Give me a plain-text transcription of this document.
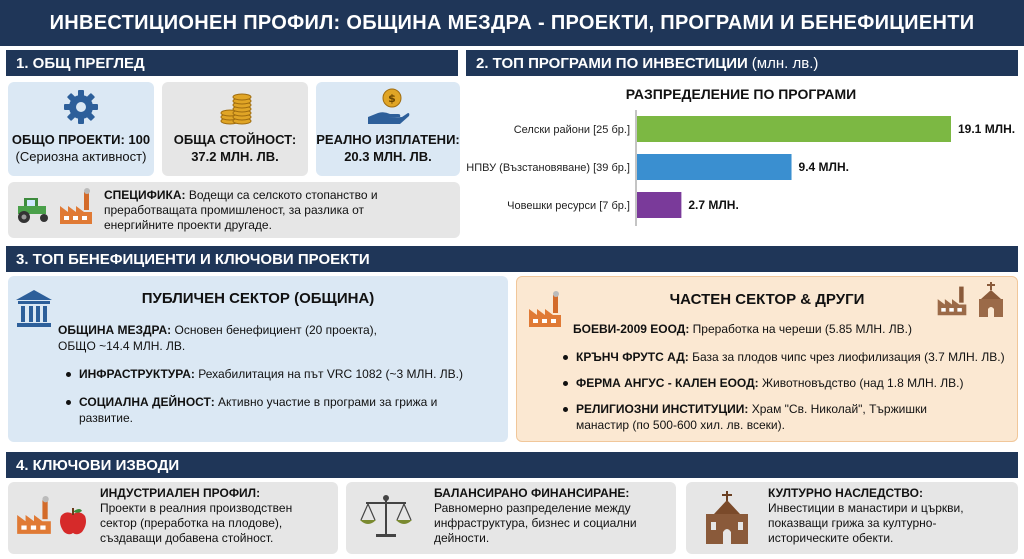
ИНВЕСТИЦИОНЕН ПРОФИЛ: ОБЩИНА МЕЗДРА - ПРОЕКТИ, ПРОГРАМИ И БЕНЕФИЦИЕНТИ
1. ОБЩ ПРЕГЛЕД
ОБЩО ПРОЕКТИ: 100
(Сериозна активност)
ОБЩА СТОЙНОСТ:
37.2 МЛН. ЛВ.
$
РЕАЛНО ИЗПЛАТЕНИ:
20.3 МЛН. ЛВ.
СПЕЦИФИКА: Водещи са селското стопанство и преработващата промишленост, за разлика от енергийните проекти другаде.
2. ТОП ПРОГРАМИ ПО ИНВЕСТИЦИИ (млн. лв.)
РАЗПРЕДЕЛЕНИЕ ПО ПРОГРАМИ
Селски райони [25 бр.]	19.1 МЛН.
НПВУ (Възстановяване) [39 бр.]	9.4 МЛН.
Човешки ресурси [7 бр.]	2.7 МЛН.
3. ТОП БЕНЕФИЦИЕНТИ И КЛЮЧОВИ ПРОЕКТИ
ПУБЛИЧЕН СЕКТОР (ОБЩИНА)
ОБЩИНА МЕЗДРА: Основен бенефициент (20 проекта),
ОБЩО ~14.4 МЛН. ЛВ.
ИНФРАСТРУКТУРА: Рехабилитация на път VRC 1082 (~3 МЛН. ЛВ.)
СОЦИАЛНА ДЕЙНОСТ: Активно участие в програми за грижа и
развитие.
ЧАСТЕН СЕКТОР & ДРУГИ
БОЕВИ-2009 ЕООД: Преработка на череши (5.85 МЛН. ЛВ.)
КРЪНЧ ФРУТС АД: База за плодов чипс чрез лиофилизация (3.7 МЛН. ЛВ.)
ФЕРМА АНГУС - КАЛЕН ЕООД: Животновъдство (над 1.8 МЛН. ЛВ.)
РЕЛИГИОЗНИ ИНСТИТУЦИИ: Храм "Св. Николай", Тържишки
манастир (по 500-600 хил. лв. всеки).
4. КЛЮЧОВИ ИЗВОДИ
ИНДУСТРИАЛЕН ПРОФИЛ:
Проекти в реалния производствен
сектор (преработка на плодове),
създаващи добавена стойност.
БАЛАНСИРАНО ФИНАНСИРАНЕ:
Равномерно разпределение между
инфраструктура, бизнес и социални
дейности.
КУЛТУРНО НАСЛЕДСТВО:
Инвестиции в манастири и църкви,
показващи грижа за културно-
историческите обекти.
